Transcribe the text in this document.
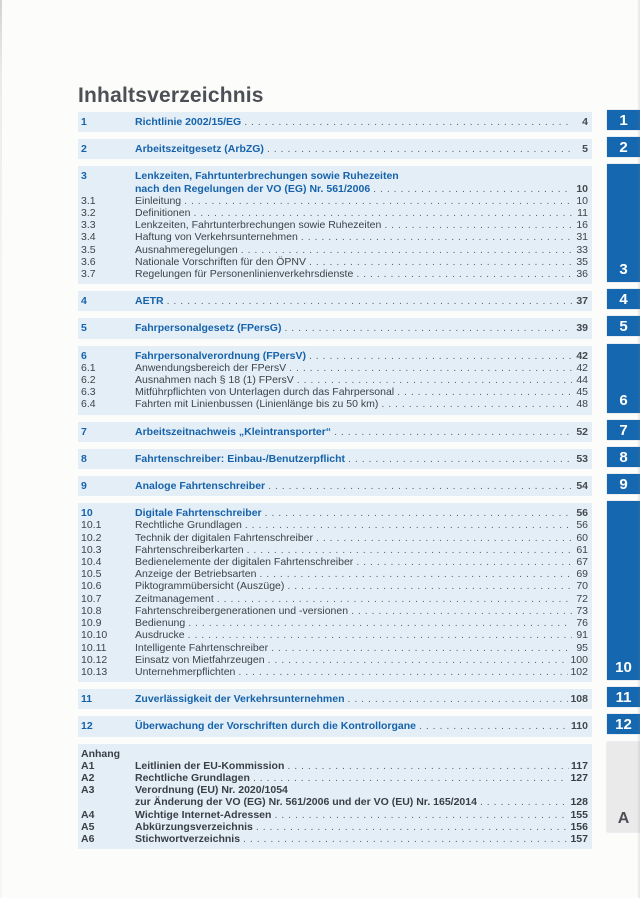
Inhaltsverzeichnis
1	Richtlinie 2002/15/EG . . .	4
2	Arbeitszeitgesetz (ArbZG) . . .	5
3	Lenkzeiten, Fahrtunterbrechungen sowie Ruhezeiten
nach den Regelungen der VO (EG) Nr. 561/2006 . . .	10
3.1	Einleitung . . .	10
3.2	Definitionen . . .	11
3.3	Lenkzeiten, Fahrtunterbrechungen sowie Ruhezeiten . . .	16
3.4	Haftung von Verkehrsunternehmen . . .	31
3.5	Ausnahmeregelungen . . .	33
3.6	Nationale Vorschriften für den ÖPNV . . .	35
3.7	Regelungen für Personenlinienverkehrsdienste . . .	36
4	AETR . . .	37
5	Fahrpersonalgesetz (FPersG) . . .	39
6	Fahrpersonalverordnung (FPersV) . . .	42
6.1	Anwendungsbereich der FPersV . . .	42
6.2	Ausnahmen nach § 18 (1) FPersV . . .	44
6.3	Mitführpflichten von Unterlagen durch das Fahrpersonal . . .	45
6.4	Fahrten mit Linienbussen (Linienlänge bis zu 50 km) . . .	48
7	Arbeitszeitnachweis „Kleintransporter“ . . .	52
8	Fahrtenschreiber: Einbau-/Benutzerpflicht . . .	53
9	Analoge Fahrtenschreiber . . .	54
10	Digitale Fahrtenschreiber . . .	56
10.1	Rechtliche Grundlagen . . .	56
10.2	Technik der digitalen Fahrtenschreiber . . .	60
10.3	Fahrtenschreiberkarten . . .	61
10.4	Bedienelemente der digitalen Fahrtenschreiber . . .	67
10.5	Anzeige der Betriebsarten . . .	69
10.6	Piktogrammübersicht (Auszüge) . . .	70
10.7	Zeitmanagement . . .	72
10.8	Fahrtenschreibergenerationen und -versionen . . .	73
10.9	Bedienung . . .	76
10.10	Ausdrucke . . .	91
10.11	Intelligente Fahrtenschreiber . . .	95
10.12	Einsatz von Mietfahrzeugen . . .	100
10.13	Unternehmerpflichten . . .	102
11	Zuverlässigkeit der Verkehrsunternehmen . . .	108
12	Überwachung der Vorschriften durch die Kontrollorgane . . .	110
Anhang
A1	Leitlinien der EU-Kommission . . .	117
A2	Rechtliche Grundlagen . . .	127
A3	Verordnung (EU) Nr. 2020/1054
zur Änderung der VO (EG) Nr. 561/2006 und der VO (EU) Nr. 165/2014 . . .	128
A4	Wichtige Internet-Adressen . . .	155
A5	Abkürzungsverzeichnis . . .	156
A6	Stichwortverzeichnis . . .	157
1
2
3
4
5
6
7
8
9
10
11
12
A
